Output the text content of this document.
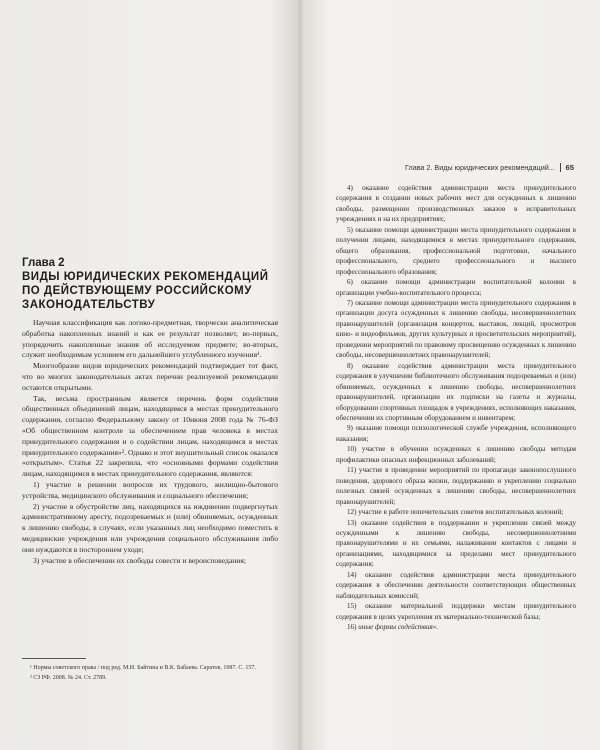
Глава 2
ВИДЫ ЮРИДИЧЕСКИХ РЕКОМЕНДАЦИЙ ПО ДЕЙСТВУЮЩЕМУ РОССИЙСКОМУ ЗАКОНОДАТЕЛЬСТВУ

Научная классификация как логико-предметная, творчески аналитическая обработка накопленных знаний и как ее результат позволяет, во-первых, упорядочить накопленные знания об исследуемом предмете; во-вторых, служит необходимым условием его дальнейшего углубленного изучения¹.

Многообразие видов юридических рекомендаций подтверждает тот факт, что во многих законодательных актах перечни реализуемой рекомендации остаются открытыми.

Так, весьма пространным является перечень форм содействия общественных объединений лицам, находящимся в местах принудительного содержания, согласно Федеральному закону от 10июня 2008 года № 76-ФЗ «Об общественном контроле за обеспечением прав человека в местах принудительного содержания и о содействии лицам, находящимся в местах принудительного содержания»². Однако и этот внушительный список оказался «открытым». Статья 22 закрепила, что «основными формами содействия лицам, находящимся в местах принудительного содержания, являются:

1) участие в решении вопросов их трудового, жилищно-бытового устройства, медицинского обслуживания и социального обеспечения;

2) участие в обустройстве лиц, находящихся на иждивении подвергнутых административному аресту, подозреваемых и (или) обвиняемых, осужденных к лишению свободы, в случаях, если указанных лиц необходимо поместить в медицинские учреждения или учреждения социального обслуживания либо они нуждаются в постороннем уходе;

3) участие в обеспечении их свободы совести и вероисповедания;

¹ Нормы советского права / под ред. М.И. Байтина и В.К. Бабаева. Саратов, 1987. С. 157.

² СЗ РФ. 2008. № 24. Ст. 2789.

Глава 2. Виды юридических рекомендаций... 65

4) оказание содействия администрации места принудительного содержания в создании новых рабочих мест для осужденных к лишению свободы, размещении производственных заказов в исправительных учреждениях и на их предприятиях;

5) оказание помощи администрации места принудительного содержания в получении лицами, находящимися в местах принудительного содержания, общего образования, профессиональной подготовки, начального профессионального, среднего профессионального и высшего профессионального образования;

6) оказание помощи администрации воспитательной колонии в организации учебно-воспитательного процесса;

7) оказание помощи администрации места принудительного содержания в организации досуга осужденных к лишению свободы, несовершеннолетних правонарушителей (организация концертов, выставок, лекций, просмотров кино- и видеофильмов, других культурных и просветительских мероприятий), проведении мероприятий по правовому просвещению осужденных к лишению свободы, несовершеннолетних правонарушителей;

8) оказание содействия администрации места принудительного содержания в улучшении библиотечного обслуживания подозреваемых и (или) обвиняемых, осужденных к лишению свободы, несовершеннолетних правонарушителей, организации их подписки на газеты и журналы, оборудовании спортивных площадок в учреждениях, исполняющих наказания, обеспечении их спортивным оборудованием и инвентарем;

9) оказание помощи психологической службе учреждения, исполняющего наказания;

10) участие в обучении осужденных к лишению свободы методам профилактики опасных инфекционных заболеваний;

11) участие в проведении мероприятий по пропаганде законопослушного поведения, здорового образа жизни, поддержанию и укреплению социально полезных связей осужденных к лишению свободы, несовершеннолетних правонарушителей;

12) участие в работе попечительских советов воспитательных колоний;

13) оказание содействия в поддержании и укреплении связей между осужденными к лишению свободы, несовершеннолетними правонарушителями и их семьями, налаживании контактов с лицами и организациями, находящимися за пределами мест принудительного содержания;

14) оказание содействия администрации места принудительного содержания в обеспечении деятельности соответствующих общественных наблюдательных комиссий;

15) оказание материальной поддержки местам принудительного содержания в целях укрепления их материально-технической базы;

16) иные формы содействия».
